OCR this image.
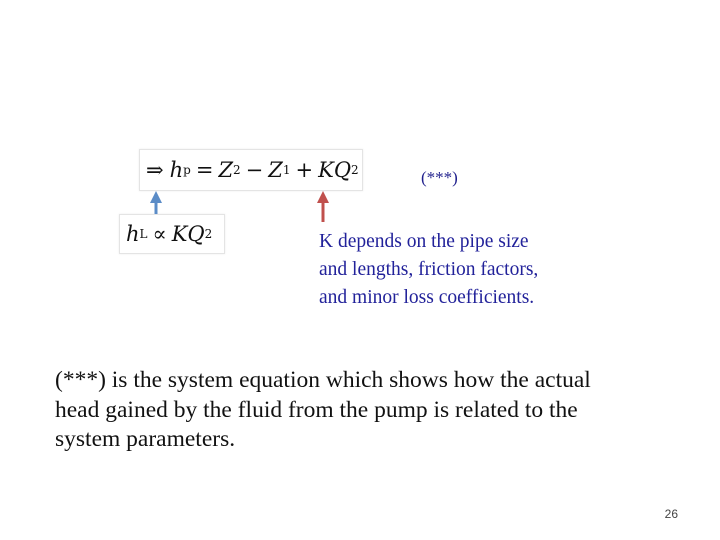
⇒ h p = Z 2 − Z 1 + KQ 2
h L ∝ KQ 2
(***)
K depends on the pipe size
and lengths, friction factors,
and minor loss coefficients.
(***) is the system equation which shows how the actual
head gained by the fluid from the pump is related to the
system parameters.
26
